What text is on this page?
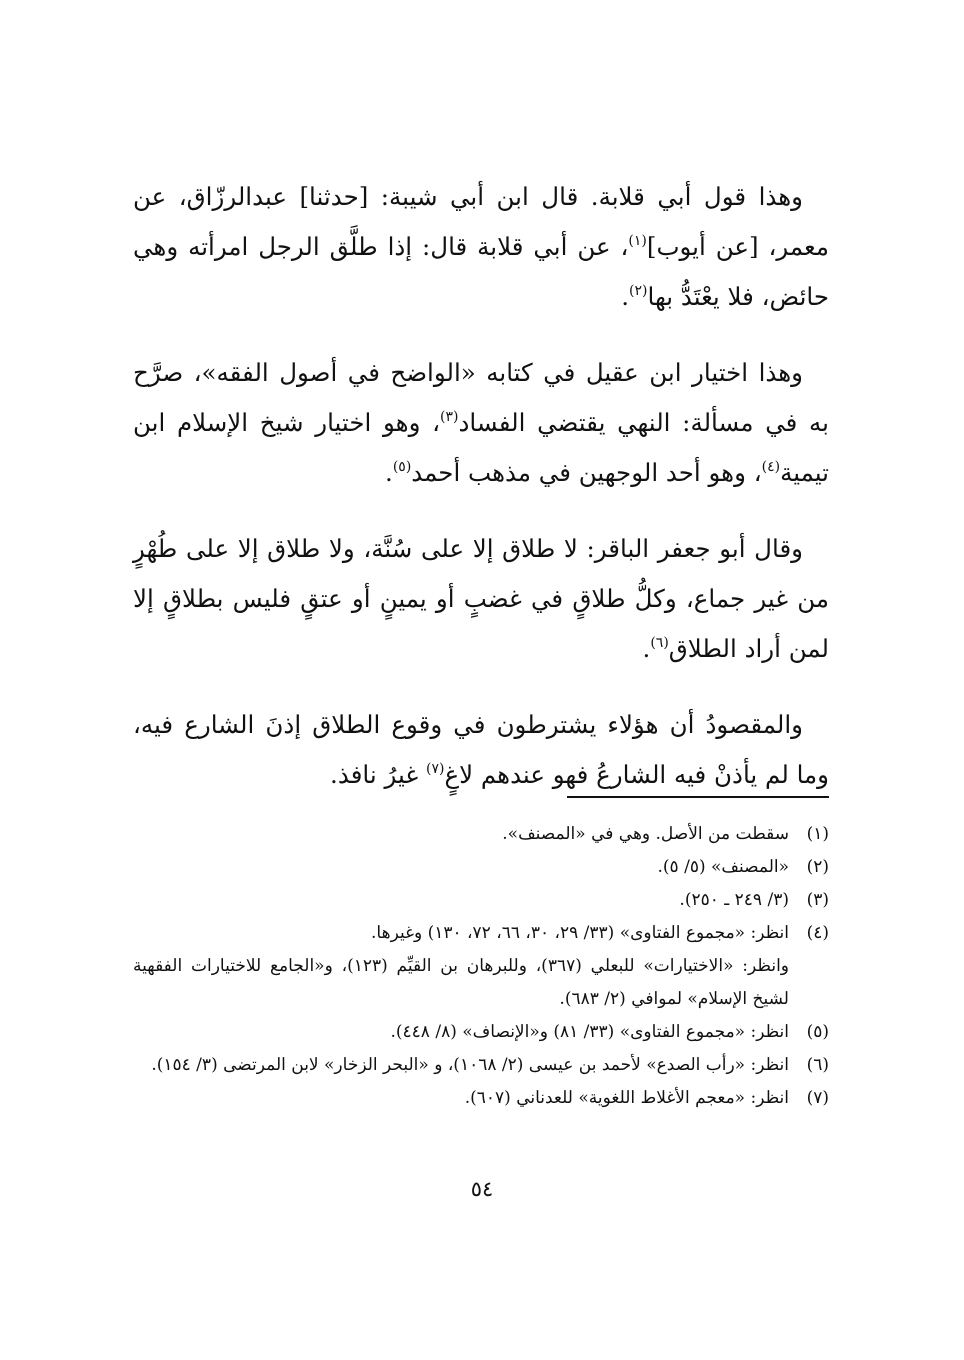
وهذا قول أبي قلابة. قال ابن أبي شيبة: [حدثنا] عبدالرزّاق، عن معمر، [عن أيوب]$^{(١)}$، عن أبي قلابة قال: إذا طلَّق الرجل امرأته وهي حائض، فلا يعْتَدُّ بها$^{(٢)}$.

وهذا اختيار ابن عقيل في كتابه «الواضح في أصول الفقه»، صرَّح به في مسألة: النهي يقتضي الفساد$^{(٣)}$، وهو اختيار شيخ الإسلام ابن تيمية$^{(٤)}$، وهو أحد الوجهين في مذهب أحمد$^{(٥)}$.

وقال أبو جعفر الباقر: لا طلاق إلا على سُنَّة، ولا طلاق إلا على طُهْرٍ من غير جماع، وكلُّ طلاقٍ في غضبٍ أو يمينٍ أو عتقٍ فليس بطلاقٍ إلا لمن أراد الطلاق$^{(٦)}$.

والمقصودُ أن هؤلاء يشترطون في وقوع الطلاق إذنَ الشارع فيه، وما لم يأذنْ فيه الشارعُ فهو عندهم لاغٍ$^{(٧)}$ غيرُ نافذ.

(١)
سقطت من الأصل. وهي في «المصنف».
(٢)
«المصنف» (٥/ ٥).
(٣)
(٣/ ٢٤٩ ـ ٢٥٠).
(٤)
انظر: «مجموع الفتاوى» (٣٣/ ٢٩، ٣٠، ٦٦، ٧٢، ١٣٠) وغيرها.
وانظر: «الاختيارات» للبعلي (٣٦٧)، وللبرهان بن القيِّم (١٢٣)، و«الجامع للاختيارات الفقهية لشيخ الإسلام» لموافي (٢/ ٦٨٣).
(٥)
انظر: «مجموع الفتاوى» (٣٣/ ٨١) و«الإنصاف» (٨/ ٤٤٨).
(٦)
انظر: «رأب الصدع» لأحمد بن عيسى (٢/ ١٠٦٨)، و «البحر الزخار» لابن المرتضى (٣/ ١٥٤).
(٧)
انظر: «معجم الأغلاط اللغوية» للعدناني (٦٠٧).
٥٤
